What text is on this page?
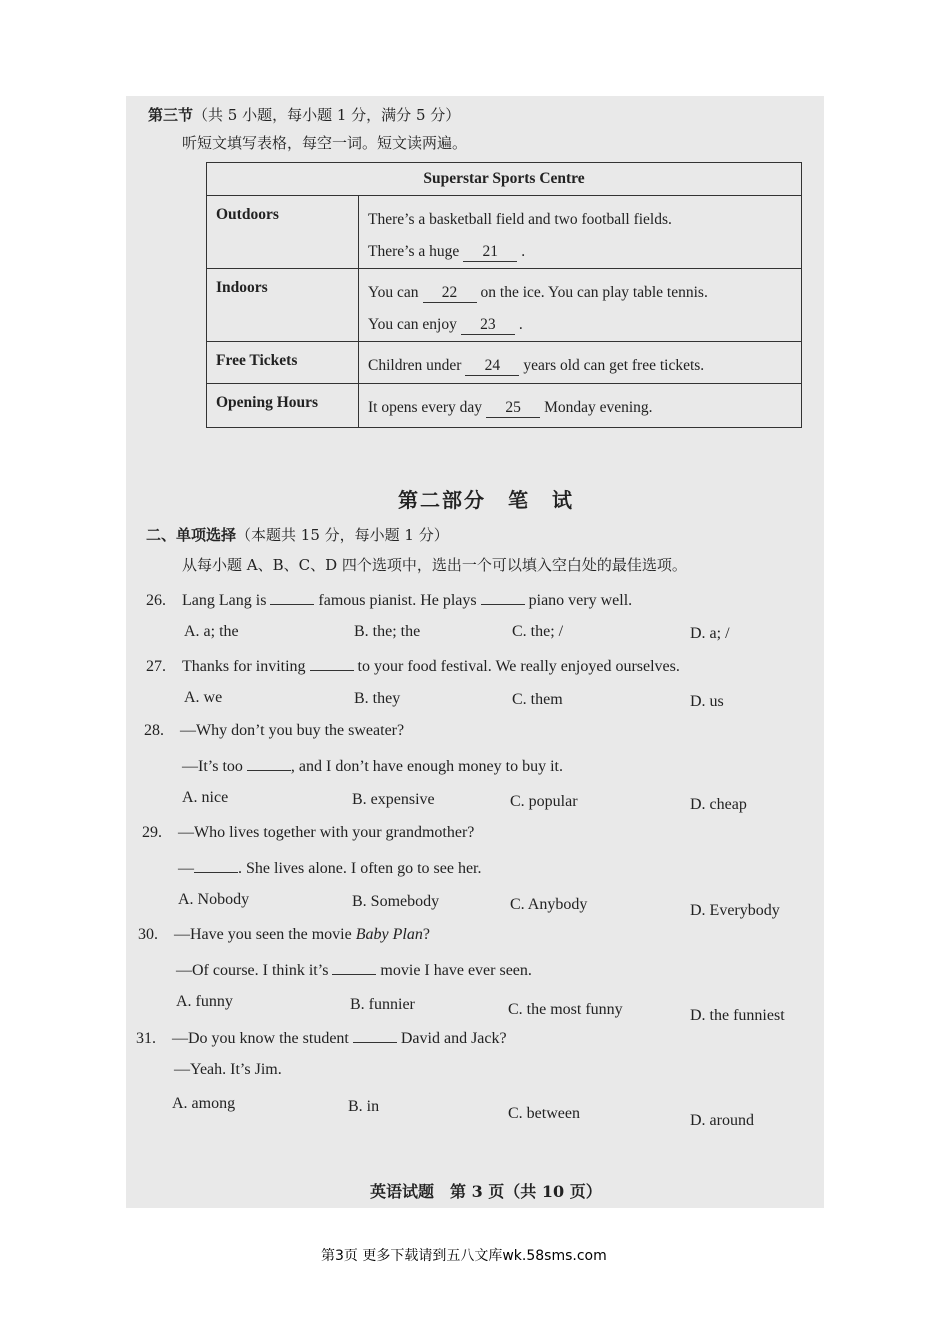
第三节（共 5 小题，每小题 1 分，满分 5 分）
听短文填写表格，每空一词。短文读两遍。
Superstar Sports Centre	
Outdoors	There’s a basketball field and two football fields.
There’s a huge 21 .

Indoors	You can 22 on the ice. You can play table tennis.
You can enjoy 23 .

Free Tickets	Children under 24 years old can get free tickets.

Opening Hours	It opens every day 25 Monday evening.
第二部分　笔　试
二、单项选择（本题共 15 分，每小题 1 分）
从每小题 A、B、C、D 四个选项中，选出一个可以填入空白处的最佳选项。
26. Lang Lang is	famous pianist. He plays	piano very well.
A. a; the	B. the; the	C. the; /	D. a; /
27. Thanks for inviting	to your food festival. We really enjoyed ourselves.
A. we	B. they	C. them	D. us
28. —Why don’t you buy the sweater?
—It’s too	, and I don’t have enough money to buy it.
A. nice	B. expensive	C. popular	D. cheap
29. —Who lives together with your grandmother?
—	. She lives alone. I often go to see her.
A. Nobody	B. Somebody	C. Anybody	D. Everybody
30. —Have you seen the movie Baby Plan?
—Of course. I think it’s	movie I have ever seen.
A. funny	B. funnier	C. the most funny	D. the funniest
31. —Do you know the student	David and Jack?
—Yeah. It’s Jim.
A. among	B. in	C. between	D. around
英语试题　 第 3 页（共 10 页）
第3页 更多下载请到五八文库wk.58sms.com
